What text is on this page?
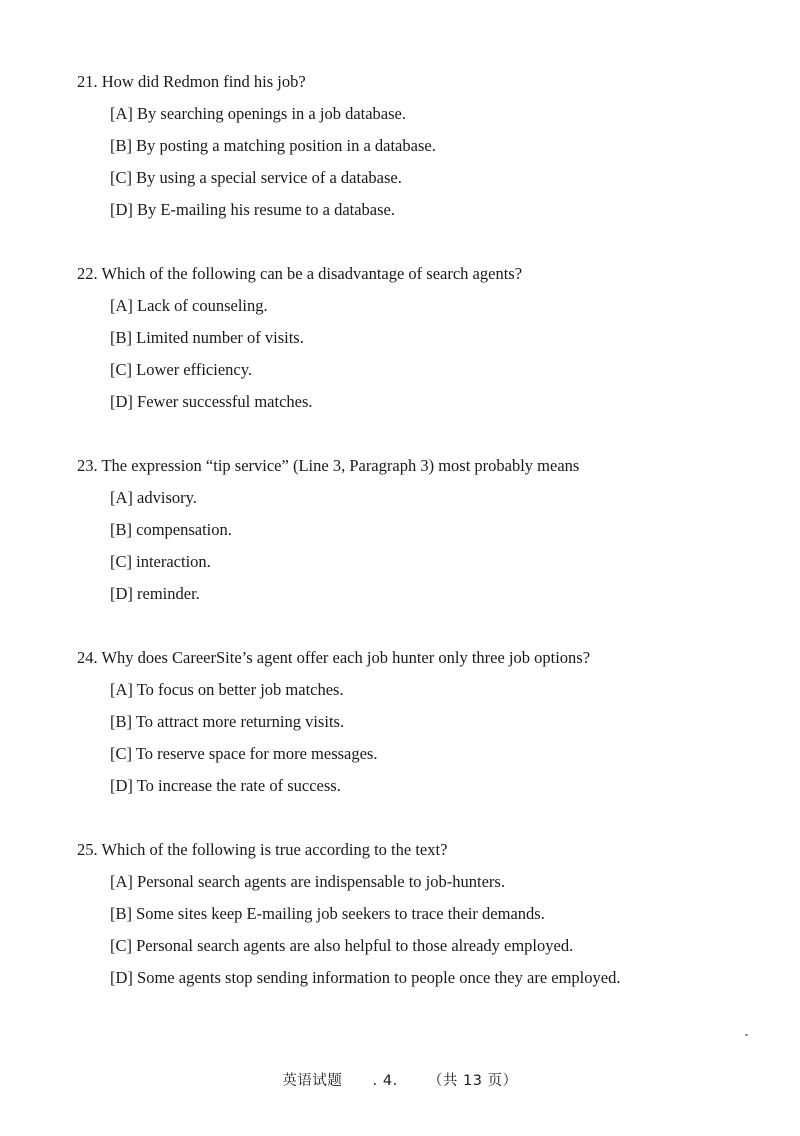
21. How did Redmon find his job?
[A] By searching openings in a job database.
[B] By posting a matching position in a database.
[C] By using a special service of a database.
[D] By E-mailing his resume to a database.
22. Which of the following can be a disadvantage of search agents?
[A] Lack of counseling.
[B] Limited number of visits.
[C] Lower efficiency.
[D] Fewer successful matches.
23. The expression “tip service” (Line 3, Paragraph 3) most probably means
[A] advisory.
[B] compensation.
[C] interaction.
[D] reminder.
24. Why does CareerSite’s agent offer each job hunter only three job options?
[A] To focus on better job matches.
[B] To attract more returning visits.
[C] To reserve space for more messages.
[D] To increase the rate of success.
25. Which of the following is true according to the text?
[A] Personal search agents are indispensable to job-hunters.
[B] Some sites keep E-mailing job seekers to trace their demands.
[C] Personal search agents are also helpful to those already employed.
[D] Some agents stop sending information to people once they are employed.
英语试题 . 4. （共 13 页）
